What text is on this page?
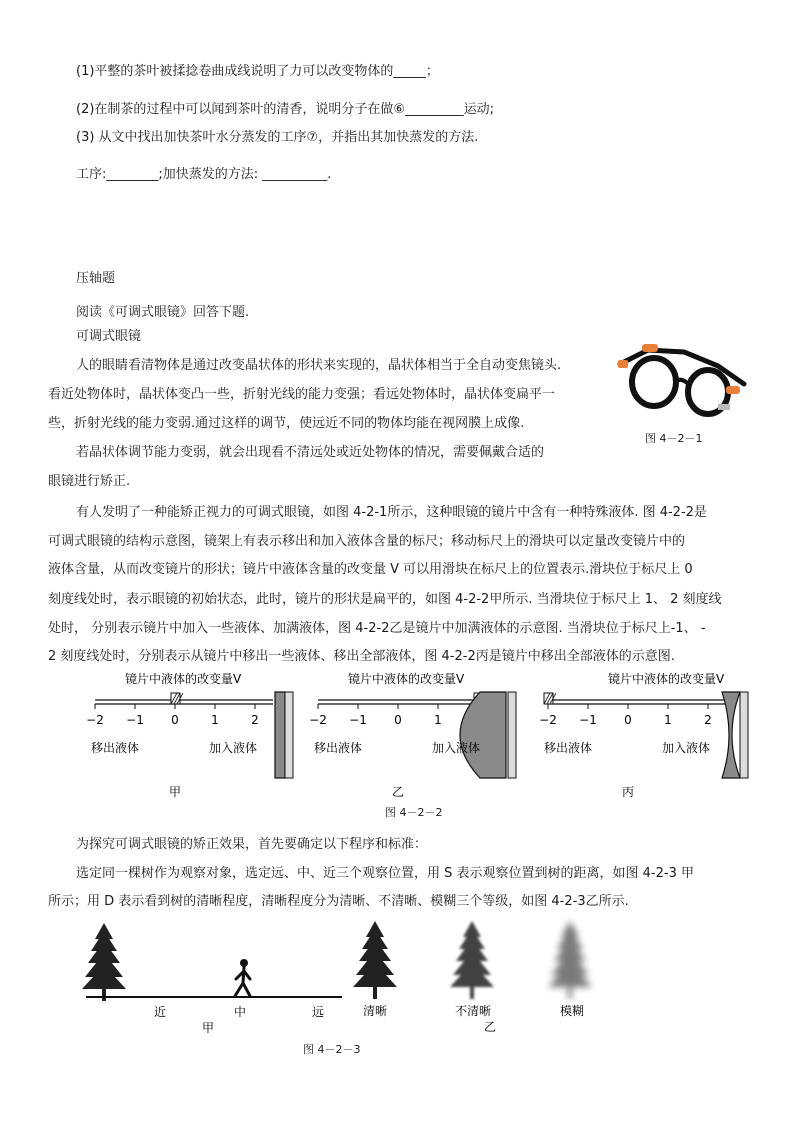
(1)平整的茶叶被揉捻卷曲成线说明了力可以改变物体的_____；
(2)在制茶的过程中可以闻到茶叶的清香，说明分子在做⑥_________运动;
(3) 从文中找出加快茶叶水分蒸发的工序⑦，并指出其加快蒸发的方法.
工序:________;加快蒸发的方法: __________.
压轴题
阅读《可调式眼镜》回答下题.
可调式眼镜
人的眼睛看清物体是通过改变晶状体的形状来实现的，晶状体相当于全自动变焦镜头.
看近处物体时，晶状体变凸一些，折射光线的能力变强；看远处物体时，晶状体变扁平一
些，折射光线的能力变弱.通过这样的调节，使远近不同的物体均能在视网膜上成像.
若晶状体调节能力变弱，就会出现看不清远处或近处物体的情况，需要佩戴合适的
眼镜进行矫正.
图 4－2－1
有人发明了一种能矫正视力的可调式眼镜，如图 4-2-1所示，这种眼镜的镜片中含有一种特殊液体. 图 4-2-2是
可调式眼镜的结构示意图，镜架上有表示移出和加入液体含量的标尺；移动标尺上的滑块可以定量改变镜片中的
液体含量，从而改变镜片的形状；镜片中液体含量的改变量 V 可以用滑块在标尺上的位置表示.滑块位于标尺上 0
刻度线处时，表示眼镜的初始状态，此时，镜片的形状是扁平的，如图 4-2-2甲所示. 当滑块位于标尺上 1、 2 刻度线
处时， 分别表示镜片中加入一些液体、加满液体，图 4-2-2乙是镜片中加满液体的示意图. 当滑块位于标尺上-1、 -
2 刻度线处时，分别表示从镜片中移出一些液体、移出全部液体，图 4-2-2丙是镜片中移出全部液体的示意图.
镜片中液体的改变量V
−2 −1 0	1	2
移出液体	加入液体
甲
镜片中液体的改变量V
−2 −1 0	1
移出液体	加入液体
乙
镜片中液体的改变量V
−2 −1 0	1	2
移出液体	加入液体
丙
图 4－2－2
为探究可调式眼镜的矫正效果，首先要确定以下程序和标准：
选定同一棵树作为观察对象，选定远、中、近三个观察位置，用 S 表示观察位置到树的距离，如图 4-2-3 甲
所示；用 D 表示看到树的清晰程度，清晰程度分为清晰、不清晰、模糊三个等级，如图 4-2-3乙所示.
近	中	远
甲
清晰	不清晰	模糊
乙
图 4－2－3
